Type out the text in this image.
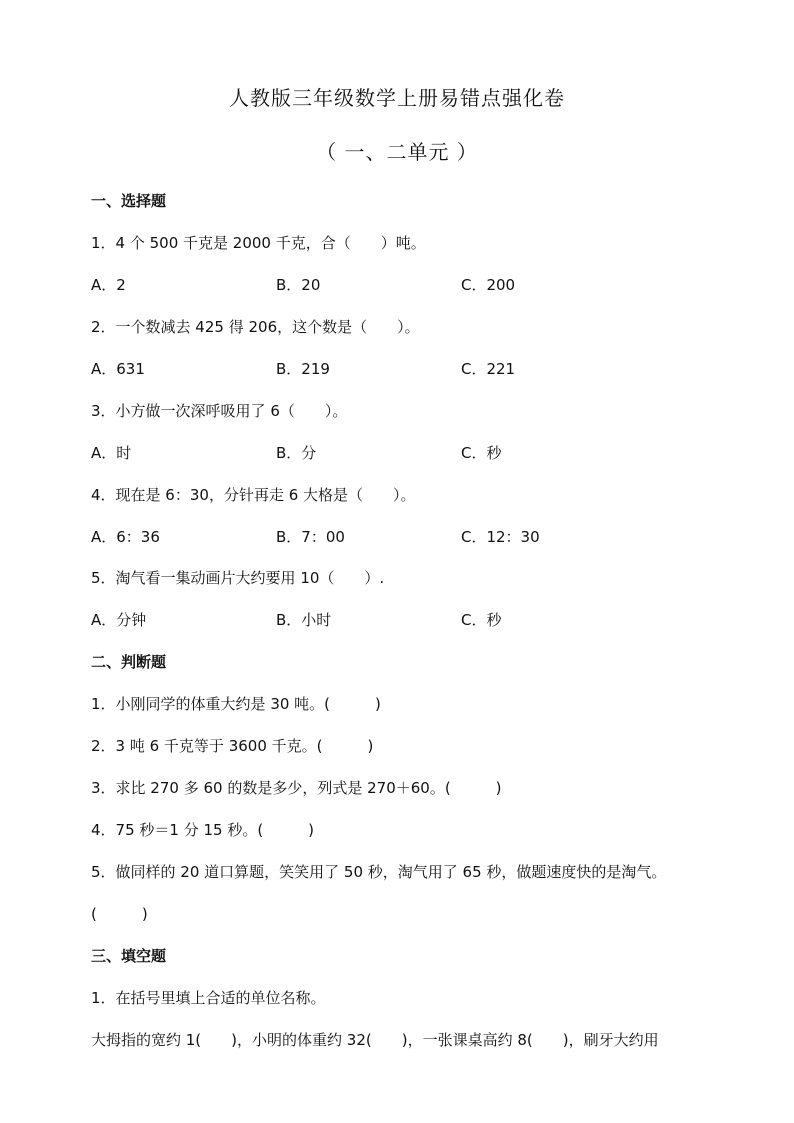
人教版三年级数学上册易错点强化卷
（ 一、二单元 ）
一、选择题
1．4 个 500 千克是 2000 千克，合（　　）吨。
A．2	B．20	C．200
2．一个数减去 425 得 206，这个数是（　　）。
A．631	B．219	C．221
3．小方做一次深呼吸用了 6（　　）。
A．时	B．分	C．秒
4．现在是 6：30，分针再走 6 大格是（　　）。
A．6：36	B．7：00	C．12：30
5．淘气看一集动画片大约要用 10（　　）.
A．分钟	B．小时	C．秒
二、判断题
1．小刚同学的体重大约是 30 吨。(　　　)
2．3 吨 6 千克等于 3600 千克。(　　　)
3．求比 270 多 60 的数是多少，列式是 270＋60。(　　　)
4．75 秒＝1 分 15 秒。(　　　)
5．做同样的 20 道口算题，笑笑用了 50 秒，淘气用了 65 秒，做题速度快的是淘气。
(　　　)
三、填空题
1．在括号里填上合适的单位名称。
大拇指的宽约 1(　　)，小明的体重约 32(　　)，一张课桌高约 8(　　)，刷牙大约用
